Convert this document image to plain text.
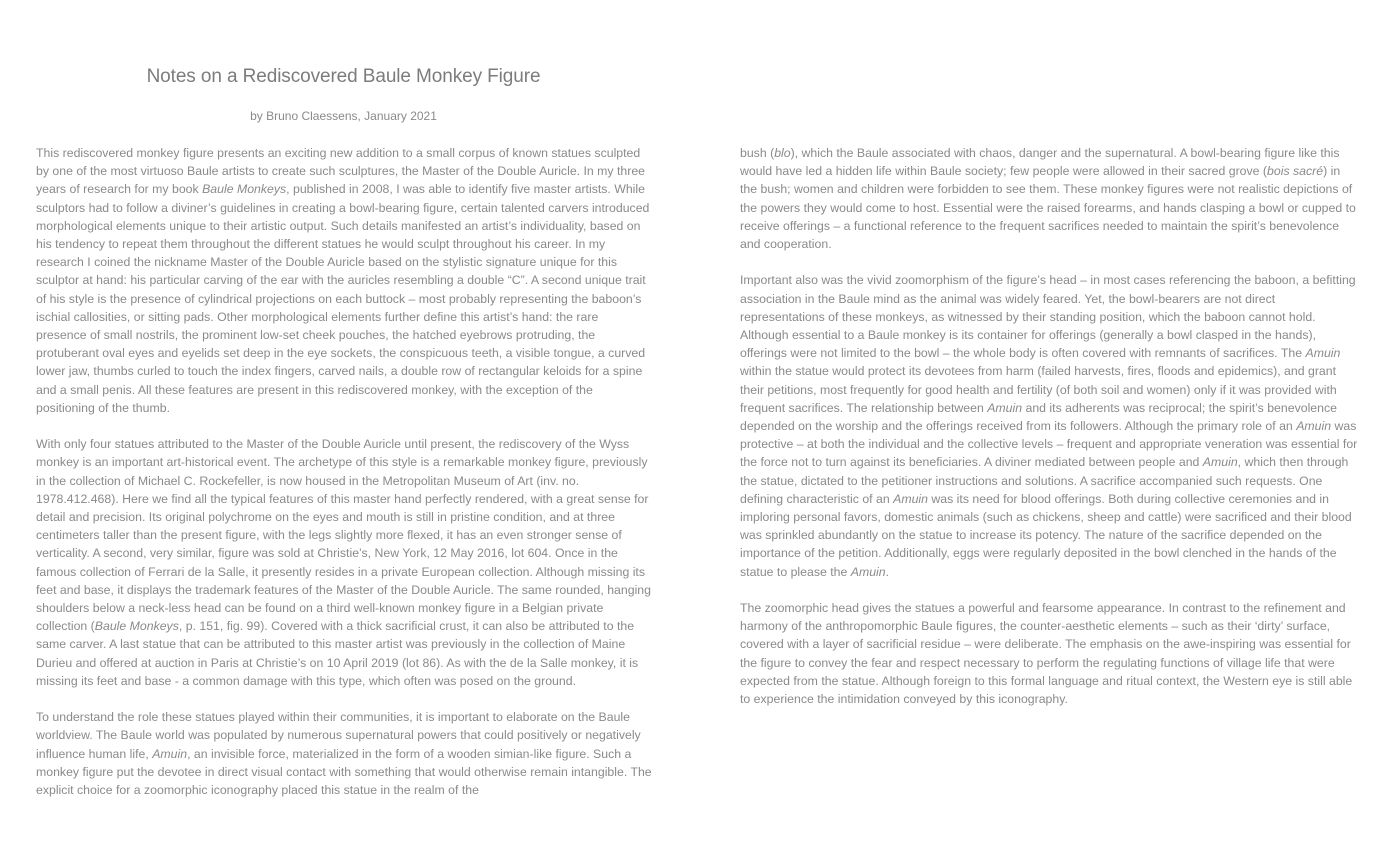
Notes on a Rediscovered Baule Monkey Figure
by Bruno Claessens, January 2021

This rediscovered monkey figure presents an exciting new addition to a small corpus of known statues sculpted by one of the most virtuoso Baule artists to create such sculptures, the Master of the Double Auricle. In my three years of research for my book Baule Monkeys, published in 2008, I was able to identify five master artists. While sculptors had to follow a diviner’s guidelines in creating a bowl-bearing figure, certain talented carvers introduced morphological elements unique to their artistic output. Such details manifested an artist’s individuality, based on his tendency to repeat them throughout the different statues he would sculpt throughout his career. In my research I coined the nickname Master of the Double Auricle based on the stylistic signature unique for this sculptor at hand: his particular carving of the ear with the auricles resembling a double “C”. A second unique trait of his style is the presence of cylindrical projections on each buttock – most probably representing the baboon’s ischial callosities, or sitting pads. Other morphological elements further define this artist’s hand: the rare presence of small nostrils, the prominent low-set cheek pouches, the hatched eyebrows protruding, the protuberant oval eyes and eyelids set deep in the eye sockets, the conspicuous teeth, a visible tongue, a curved lower jaw, thumbs curled to touch the index fingers, carved nails, a double row of rectangular keloids for a spine and a small penis. All these features are present in this rediscovered monkey, with the exception of the positioning of the thumb.

With only four statues attributed to the Master of the Double Auricle until present, the rediscovery of the Wyss monkey is an important art-historical event. The archetype of this style is a remarkable monkey figure, previously in the collection of Michael C. Rockefeller, is now housed in the Metropolitan Museum of Art (inv. no. 1978.412.468). Here we find all the typical features of this master hand perfectly rendered, with a great sense for detail and precision. Its original polychrome on the eyes and mouth is still in pristine condition, and at three centimeters taller than the present figure, with the legs slightly more flexed, it has an even stronger sense of verticality. A second, very similar, figure was sold at Christie’s, New York, 12 May 2016, lot 604. Once in the famous collection of Ferrari de la Salle, it presently resides in a private European collection. Although missing its feet and base, it displays the trademark features of the Master of the Double Auricle. The same rounded, hanging shoulders below a neck-less head can be found on a third well-known monkey figure in a Belgian private collection (Baule Monkeys, p. 151, fig. 99). Covered with a thick sacrificial crust, it can also be attributed to the same carver. A last statue that can be attributed to this master artist was previously in the collection of Maine Durieu and offered at auction in Paris at Christie’s on 10 April 2019 (lot 86). As with the de la Salle monkey, it is missing its feet and base - a common damage with this type, which often was posed on the ground.

To understand the role these statues played within their communities, it is important to elaborate on the Baule worldview. The Baule world was populated by numerous supernatural powers that could positively or negatively influence human life, Amuin, an invisible force, materialized in the form of a wooden simian-like figure. Such a monkey figure put the devotee in direct visual contact with something that would otherwise remain intangible. The explicit choice for a zoomorphic iconography placed this statue in the realm of the

bush (blo), which the Baule associated with chaos, danger and the supernatural. A bowl-bearing figure like this would have led a hidden life within Baule society; few people were allowed in their sacred grove (bois sacré) in the bush; women and children were forbidden to see them. These monkey figures were not realistic depictions of the powers they would come to host. Essential were the raised forearms, and hands clasping a bowl or cupped to receive offerings – a functional reference to the frequent sacrifices needed to maintain the spirit’s benevolence and cooperation.

Important also was the vivid zoomorphism of the figure’s head – in most cases referencing the baboon, a befitting association in the Baule mind as the animal was widely feared. Yet, the bowl-bearers are not direct representations of these monkeys, as witnessed by their standing position, which the baboon cannot hold. Although essential to a Baule monkey is its container for offerings (generally a bowl clasped in the hands), offerings were not limited to the bowl – the whole body is often covered with remnants of sacrifices. The Amuin within the statue would protect its devotees from harm (failed harvests, fires, floods and epidemics), and grant their petitions, most frequently for good health and fertility (of both soil and women) only if it was provided with frequent sacrifices. The relationship between Amuin and its adherents was reciprocal; the spirit’s benevolence depended on the worship and the offerings received from its followers. Although the primary role of an Amuin was protective – at both the individual and the collective levels – frequent and appropriate veneration was essential for the force not to turn against its beneficiaries. A diviner mediated between people and Amuin, which then through the statue, dictated to the petitioner instructions and solutions. A sacrifice accompanied such requests. One defining characteristic of an Amuin was its need for blood offerings. Both during collective ceremonies and in imploring personal favors, domestic animals (such as chickens, sheep and cattle) were sacrificed and their blood was sprinkled abundantly on the statue to increase its potency. The nature of the sacrifice depended on the importance of the petition. Additionally, eggs were regularly deposited in the bowl clenched in the hands of the statue to please the Amuin.

The zoomorphic head gives the statues a powerful and fearsome appearance. In contrast to the refinement and harmony of the anthropomorphic Baule figures, the counter-aesthetic elements – such as their ‘dirty’ surface, covered with a layer of sacrificial residue – were deliberate. The emphasis on the awe-inspiring was essential for the figure to convey the fear and respect necessary to perform the regulating functions of village life that were expected from the statue. Although foreign to this formal language and ritual context, the Western eye is still able to experience the intimidation conveyed by this iconography.
